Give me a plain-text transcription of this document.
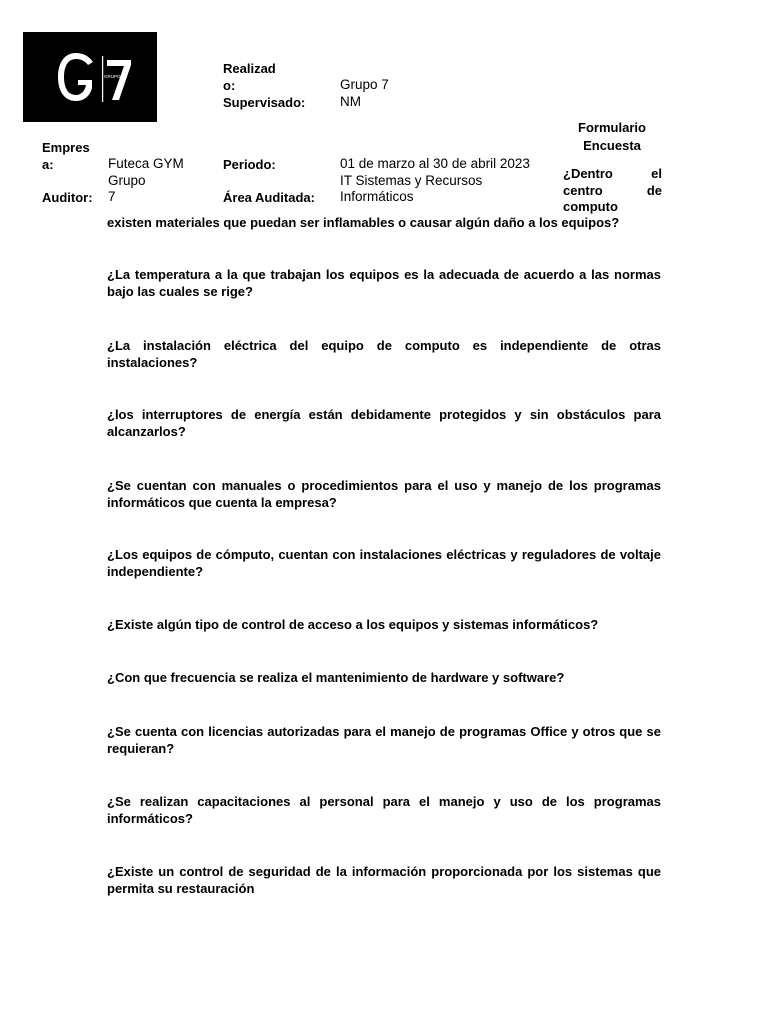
GRUPO 7
Realizad
o:
Supervisado:
Grupo 7
NM
Formulario
Encuesta
Empres
a:	Futeca GYM
Grupo
Auditor: 7
Periodo:	01 de marzo al 30 de abril 2023
IT Sistemas y Recursos
Área Auditada: Informáticos
¿Dentro el
centro de
computo
existen materiales que puedan ser inflamables o causar algún daño a los equipos?
¿La temperatura a la que trabajan los equipos es la adecuada de acuerdo a las normas bajo las cuales se rige?
¿La instalación eléctrica del equipo de computo es independiente de otras instalaciones?
¿los interruptores de energía están debidamente protegidos y sin obstáculos para alcanzarlos?
¿Se cuentan con manuales o procedimientos para el uso y manejo de los programas informáticos que cuenta la empresa?
¿Los equipos de cómputo, cuentan con instalaciones eléctricas y reguladores de voltaje independiente?
¿Existe algún tipo de control de acceso a los equipos y sistemas informáticos?
¿Con que frecuencia se realiza el mantenimiento de hardware y software?
¿Se cuenta con licencias autorizadas para el manejo de programas Office y otros que se requieran?
¿Se realizan capacitaciones al personal para el manejo y uso de los programas informáticos?
¿Existe un control de seguridad de la información proporcionada por los sistemas que permita su restauración
